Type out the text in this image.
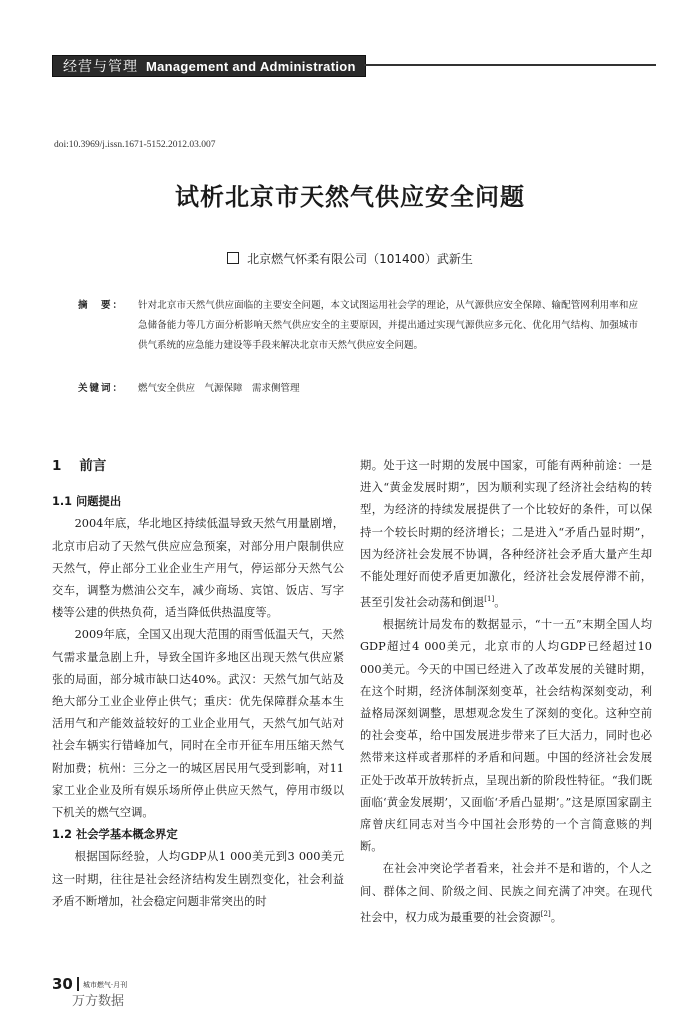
经营与管理 Management and Administration
doi:10.3969/j.issn.1671-5152.2012.03.007
试析北京市天然气供应安全问题
北京燃气怀柔有限公司（101400）武新生
摘　要：	针对北京市天然气供应面临的主要安全问题，本文试图运用社会学的理论，从气源供应安全保障、输配管网利用率和应急储备能力等几方面分析影响天然气供应安全的主要原因，并提出通过实现气源供应多元化、优化用气结构、加强城市供气系统的应急能力建设等手段来解决北京市天然气供应安全问题。
关键词：	燃气安全供应　气源保障　需求侧管理
1 前言
1.1 问题提出

2004年底，华北地区持续低温导致天然气用量剧增，北京市启动了天然气供应应急预案，对部分用户限制供应天然气，停止部分工业企业生产用气，停运部分天然气公交车，调整为燃油公交车，减少商场、宾馆、饭店、写字楼等公建的供热负荷，适当降低供热温度等。

2009年底，全国又出现大范围的雨雪低温天气，天然气需求量急剧上升，导致全国许多地区出现天然气供应紧张的局面，部分城市缺口达40%。武汉：天然气加气站及绝大部分工业企业停止供气；重庆：优先保障群众基本生活用气和产能效益较好的工业企业用气，天然气加气站对社会车辆实行错峰加气，同时在全市开征车用压缩天然气附加费；杭州：三分之一的城区居民用气受到影响，对11家工业企业及所有娱乐场所停止供应天然气，停用市级以下机关的燃气空调。

1.2 社会学基本概念界定

根据国际经验，人均GDP从1 000美元到3 000美元这一时期，往往是社会经济结构发生剧烈变化，社会利益矛盾不断增加，社会稳定问题非常突出的时

期。处于这一时期的发展中国家，可能有两种前途：一是进入“黄金发展时期”，因为顺利实现了经济社会结构的转型，为经济的持续发展提供了一个比较好的条件，可以保持一个较长时期的经济增长；二是进入“矛盾凸显时期”，因为经济社会发展不协调，各种经济社会矛盾大量产生却不能处理好而使矛盾更加激化，经济社会发展停滞不前，甚至引发社会动荡和倒退[1]。

根据统计局发布的数据显示，“十一五”末期全国人均GDP超过4 000美元，北京市的人均GDP已经超过10 000美元。今天的中国已经进入了改革发展的关键时期，在这个时期，经济体制深刻变革，社会结构深刻变动，利益格局深刻调整，思想观念发生了深刻的变化。这种空前的社会变革，给中国发展进步带来了巨大活力，同时也必然带来这样或者那样的矛盾和问题。中国的经济社会发展正处于改革开放转折点，呈现出新的阶段性特征。“我们既面临‘黄金发展期’，又面临‘矛盾凸显期’。”这是原国家副主席曾庆红同志对当今中国社会形势的一个言简意赅的判断。

在社会冲突论学者看来，社会并不是和谐的，个人之间、群体之间、阶级之间、民族之间充满了冲突。在现代社会中，权力成为最重要的社会资源[2]。

30 城市燃气·月刊
万方数据
